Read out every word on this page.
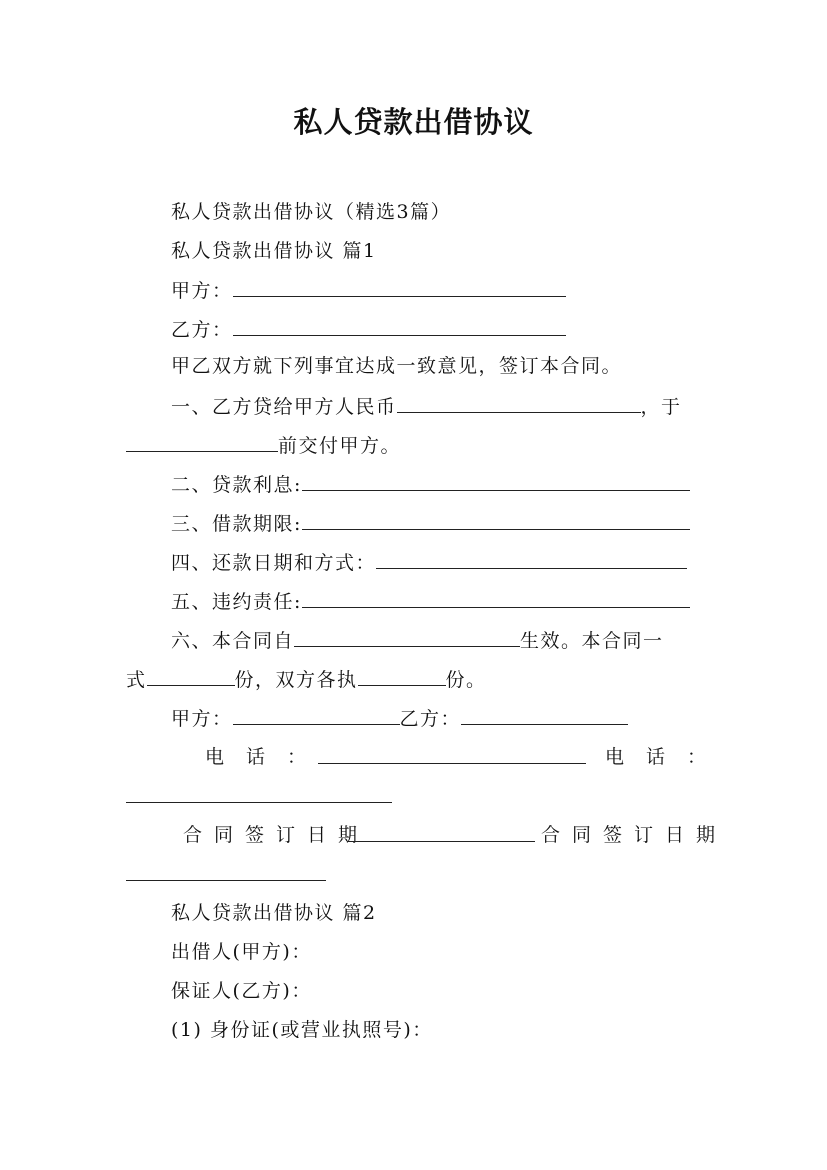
私人贷款出借协议
私人贷款出借协议（精选3篇）
私人贷款出借协议 篇1
甲方：
乙方：
甲乙双方就下列事宜达成一致意见，签订本合同。
一、乙方贷给甲方人民币	，于
前交付甲方。
二、贷款利息:
三、借款期限:
四、还款日期和方式：
五、违约责任:
六、本合同自	生效。本合同一
式	份，双方各执	份。
甲方：	乙方：
电　话　：	电　话　：
合同签订日期	合同签订日期
私人贷款出借协议 篇2
出借人(甲方)：
保证人(乙方)：
(1) 身份证(或营业执照号)：
